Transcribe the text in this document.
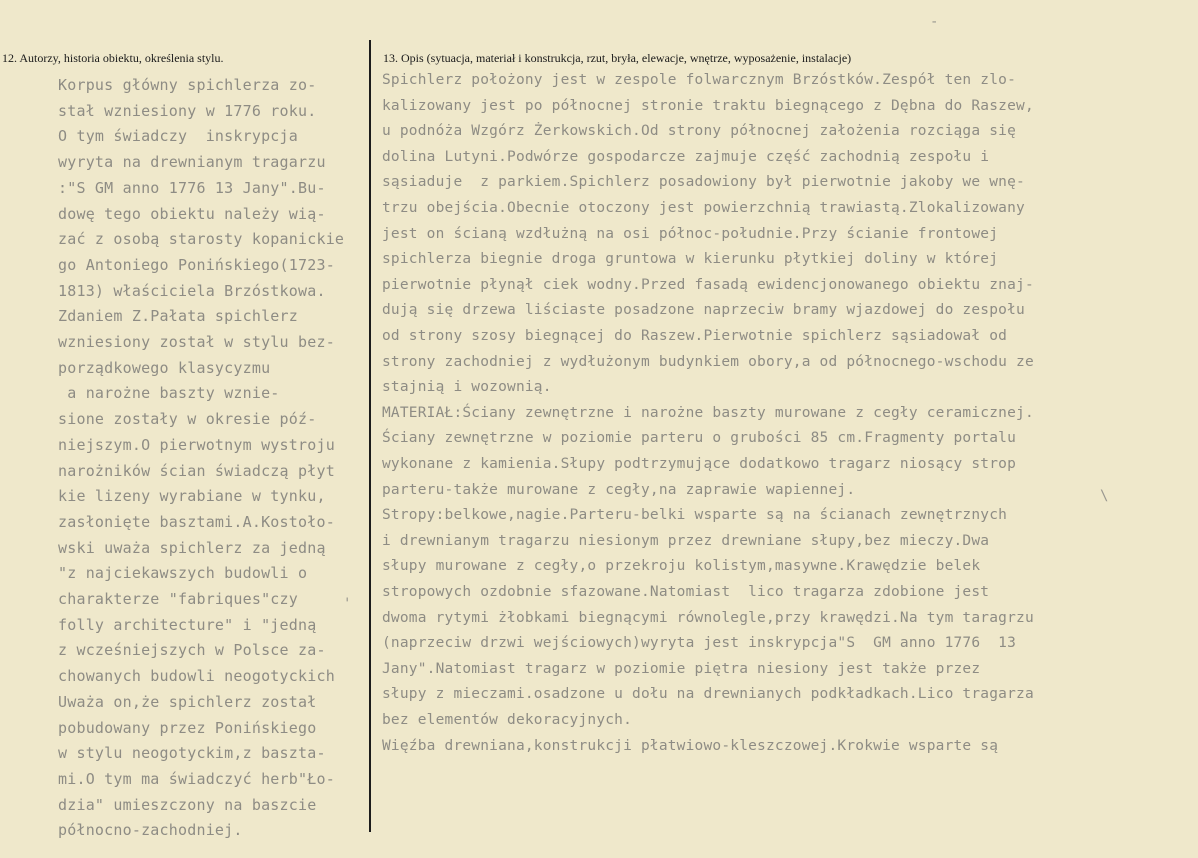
12. Autorzy, historia obiektu, określenia stylu.	13. Opis (sytuacja, materiał i konstrukcja, rzut, bryła, elewacje, wnętrze, wyposażenie, instalacje)
Korpus główny spichlerza zo-
stał wzniesiony w 1776 roku.
O tym świadczy  inskrypcja
wyryta na drewnianym tragarzu
:"S GM anno 1776 13 Jany".Bu-
dowę tego obiektu należy wią-
zać z osobą starosty kopanickie
go Antoniego Ponińskiego(1723-
1813) właściciela Brzóstkowa.
Zdaniem Z.Pałata spichlerz
wzniesiony został w stylu bez-
porządkowego klasycyzmu
a narożne baszty wznie-
sione zostały w okresie póź-
niejszym.O pierwotnym wystroju
narożników ścian świadczą płyt
kie lizeny wyrabiane w tynku,
zasłonięte basztami.A.Kostoło-
wski uważa spichlerz za jedną
"z najciekawszych budowli o
charakterze "fabriques"czy
folly architecture" i "jedną
z wcześniejszych w Polsce za-
chowanych budowli neogotyckich
Uważa on,że spichlerz został
pobudowany przez Ponińskiego
w stylu neogotyckim,z baszta-
mi.O tym ma świadczyć herb"Ło-
dzia" umieszczony na baszcie
północno-zachodniej.
Spichlerz położony jest w zespole folwarcznym Brzóstków.Zespół ten zlo-
kalizowany jest po północnej stronie traktu biegnącego z Dębna do Raszew,
u podnóża Wzgórz Żerkowskich.Od strony północnej założenia rozciąga się
dolina Lutyni.Podwórze gospodarcze zajmuje część zachodnią zespołu i
sąsiaduje  z parkiem.Spichlerz posadowiony był pierwotnie jakoby we wnę-
trzu obejścia.Obecnie otoczony jest powierzchnią trawiastą.Zlokalizowany
jest on ścianą wzdłużną na osi północ-południe.Przy ścianie frontowej
spichlerza biegnie droga gruntowa w kierunku płytkiej doliny w której
pierwotnie płynął ciek wodny.Przed fasadą ewidencjonowanego obiektu znaj-
dują się drzewa liściaste posadzone naprzeciw bramy wjazdowej do zespołu
od strony szosy biegnącej do Raszew.Pierwotnie spichlerz sąsiadował od
strony zachodniej z wydłużonym budynkiem obory,a od północnego-wschodu ze
stajnią i wozownią.
MATERIAŁ:Ściany zewnętrzne i narożne baszty murowane z cegły ceramicznej.
Ściany zewnętrzne w poziomie parteru o grubości 85 cm.Fragmenty portalu
wykonane z kamienia.Słupy podtrzymujące dodatkowo tragarz niosący strop
parteru-także murowane z cegły,na zaprawie wapiennej.
Stropy:belkowe,nagie.Parteru-belki wsparte są na ścianach zewnętrznych
i drewnianym tragarzu niesionym przez drewniane słupy,bez mieczy.Dwa
słupy murowane z cegły,o przekroju kolistym,masywne.Krawędzie belek
stropowych ozdobnie sfazowane.Natomiast  lico tragarza zdobione jest
dwoma rytymi żłobkami biegnącymi równolegle,przy krawędzi.Na tym taragrzu
(naprzeciw drzwi wejściowych)wyryta jest inskrypcja"S  GM anno 1776  13
Jany".Natomiast tragarz w poziomie piętra niesiony jest także przez
słupy z mieczami.osadzone u dołu na drewnianych podkładkach.Lico tragarza
bez elementów dekoracyjnych.
Więźba drewniana,konstrukcji płatwiowo-kleszczowej.Krokwie wsparte są
-
\
'
